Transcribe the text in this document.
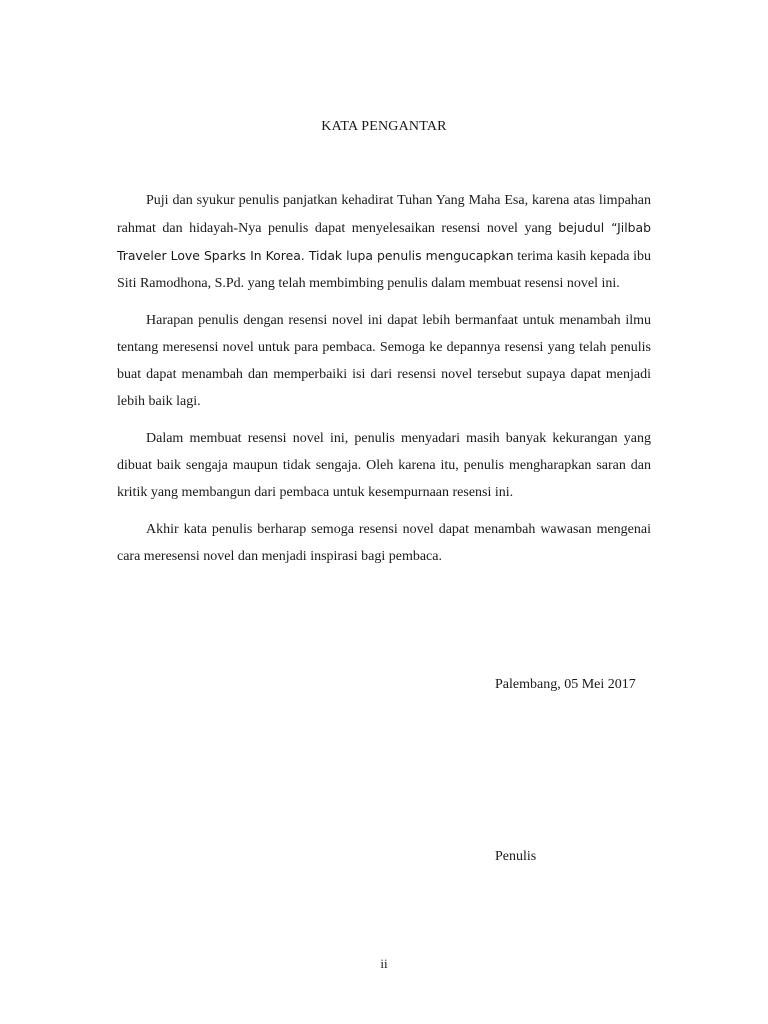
KATA PENGANTAR

Puji dan syukur penulis panjatkan kehadirat Tuhan Yang Maha Esa, karena atas limpahan rahmat dan hidayah-Nya penulis dapat menyelesaikan resensi novel yang bejudul “Jilbab Traveler Love Sparks In Korea. Tidak lupa penulis mengucapkan terima kasih kepada ibu Siti Ramodhona, S.Pd. yang telah membimbing penulis dalam membuat resensi novel ini.

Harapan penulis dengan resensi novel ini dapat lebih bermanfaat untuk menambah ilmu tentang meresensi novel untuk para pembaca. Semoga ke depannya resensi yang telah penulis buat dapat menambah dan memperbaiki isi dari resensi novel tersebut supaya dapat menjadi lebih baik lagi.

Dalam membuat resensi novel ini, penulis menyadari masih banyak kekurangan yang dibuat baik sengaja maupun tidak sengaja. Oleh karena itu, penulis mengharapkan saran dan kritik yang membangun dari pembaca untuk kesempurnaan resensi ini.

Akhir kata penulis berharap semoga resensi novel dapat menambah wawasan mengenai cara meresensi novel dan menjadi inspirasi bagi pembaca.

Palembang, 05 Mei 2017
Penulis
ii
